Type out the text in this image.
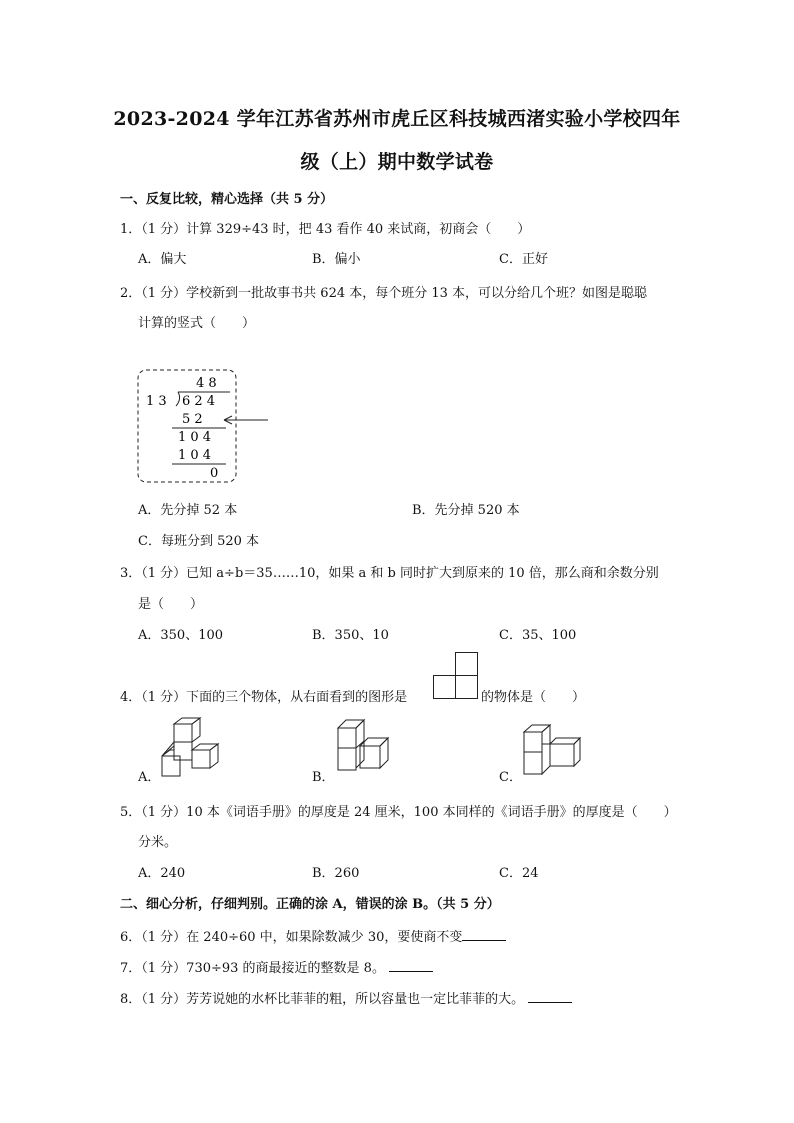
2023-2024 学年江苏省苏州市虎丘区科技城西渚实验小学校四年
级（上）期中数学试卷
一、反复比较，精心选择（共 5 分）
1．（1 分）计算 329÷43 时，把 43 看作 40 来试商，初商会（　　）
A．偏大	B．偏小	C．正好
2．（1 分）学校新到一批故事书共 624 本，每个班分 13 本，可以分给几个班？如图是聪聪
计算的竖式（　　）
4 8
1 3 6 2 4
5 2
1 0 4
1 0 4
0
A．先分掉 52 本	B．先分掉 520 本
C．每班分到 520 本
3．（1 分）已知 a÷b＝35……10，如果 a 和 b 同时扩大到原来的 10 倍，那么商和余数分别
是（　　）
A．350、100	B．350、10	C．35、100
4．（1 分）下面的三个物体，从右面看到的图形是	的物体是（　　）
A．	B．	C．
5．（1 分）10 本《词语手册》的厚度是 24 厘米，100 本同样的《词语手册》的厚度是（　　）
分米。
A．240	B．260	C．24
二、细心分析，仔细判别。正确的涂 A，错误的涂 B。（共 5 分）
6．（1 分）在 240÷60 中，如果除数减少 30，要使商不变
7．（1 分）730÷93 的商最接近的整数是 8。
8．（1 分）芳芳说她的水杯比菲菲的粗，所以容量也一定比菲菲的大。
